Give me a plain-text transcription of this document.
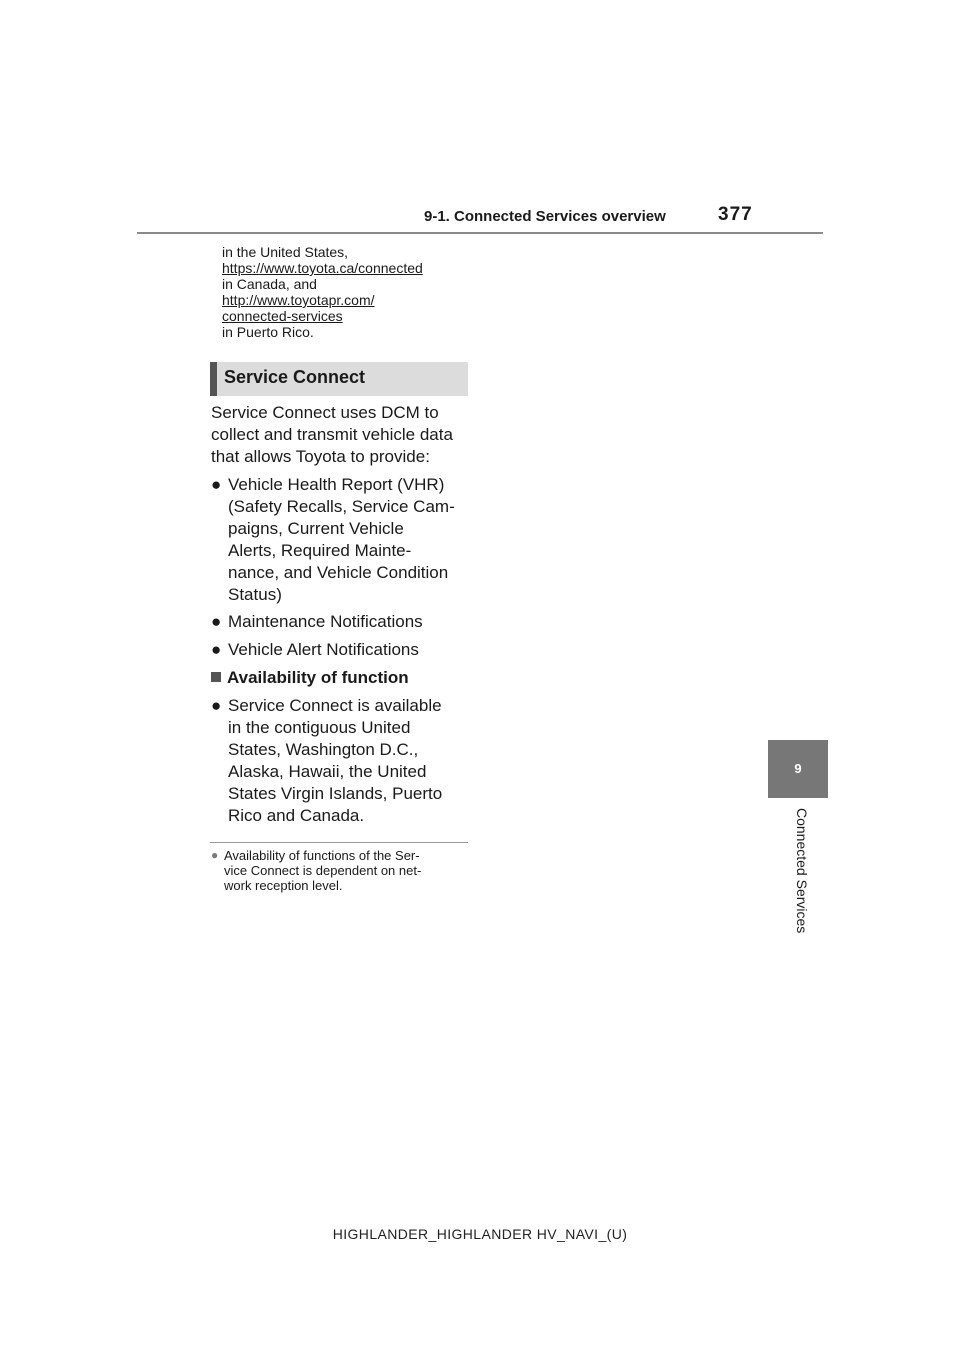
9-1. Connected Services overview	377
in the United States,
https://www.toyota.ca/connected
in Canada, and
http://www.toyotapr.com/
connected-services
in Puerto Rico.
Service Connect
Service Connect uses DCM to
collect and transmit vehicle data
that allows Toyota to provide:
● Vehicle Health Report (VHR)
(Safety Recalls, Service Cam-
paigns, Current Vehicle
Alerts, Required Mainte-
nance, and Vehicle Condition
Status)
● Maintenance Notifications
● Vehicle Alert Notifications
Availability of function
● Service Connect is available
in the contiguous United
States, Washington D.C.,
Alaska, Hawaii, the United
States Virgin Islands, Puerto
Rico and Canada.
● Availability of functions of the Ser-
vice Connect is dependent on net-
work reception level.
9
Connected Services
HIGHLANDER_HIGHLANDER HV_NAVI_(U)
